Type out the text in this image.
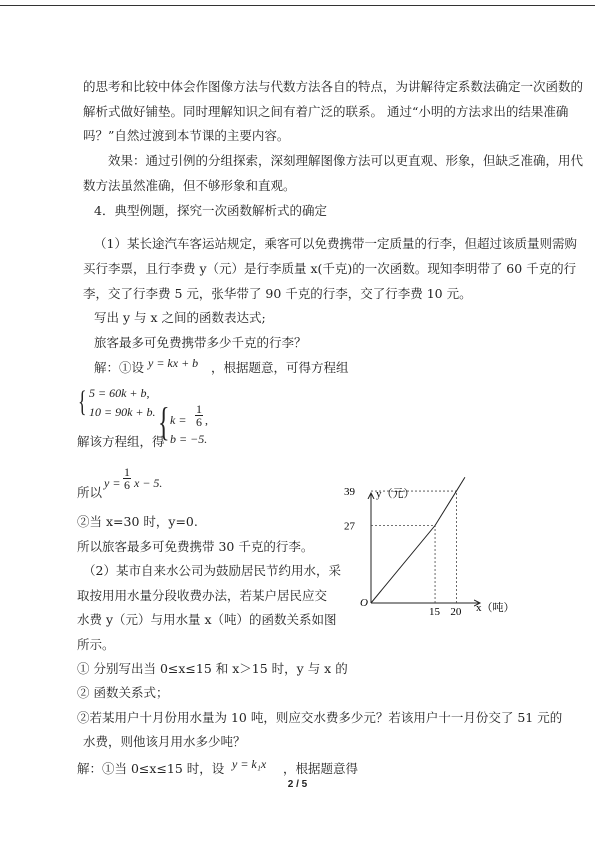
的思考和比较中体会作图像方法与代数方法各自的特点，为讲解待定系数法确定一次函数的
解析式做好铺垫。同时理解知识之间有着广泛的联系。 通过“小明的方法求出的结果准确
吗？”自然过渡到本节课的主要内容。
效果：通过引例的分组探索，深刻理解图像方法可以更直观、形象，但缺乏准确，用代
数方法虽然准确，但不够形象和直观。
4．典型例题，探究一次函数解析式的确定
（1）某长途汽车客运站规定，乘客可以免费携带一定质量的行李，但超过该质量则需购
买行李票，且行李费 y（元）是行李质量 x(千克)的一次函数。现知李明带了 60 千克的行
李，交了行李费 5 元，张华带了 90 千克的行李，交了行李费 10 元。
写出 y 与 x 之间的函数表达式;
旅客最多可免费携带多少千克的行李？
解：①设 y = kx + b ，根据题意，可得方程组
{ 5 = 60k + b,
10 = 90k + b.
解该方程组，得
{ $k = \frac{1}{6}$ ,
b = −5.
所以
$y = \frac{1}{6}$ x − 5.
②当 x=30 时，y=0.
所以旅客最多可免费携带 30 千克的行李。
（2）某市自来水公司为鼓励居民节约用水，采
取按用用水量分段收费办法，若某户居民应交
水费 y（元）与用水量 x（吨）的函数关系如图
所示。
① 分别写出当 0≤x≤15 和 x＞15 时，y 与 x 的
② 函数关系式；
②若某用户十月份用水量为 10 吨，则应交水费多少元？若该用户十一月份交了 51 元的
水费，则他该月用水多少吨？
解：①当 0≤x≤15 时，设 y = k₁x ，根据题意得
y（元）
x（吨）
O
15 20
27
39
2 / 5
